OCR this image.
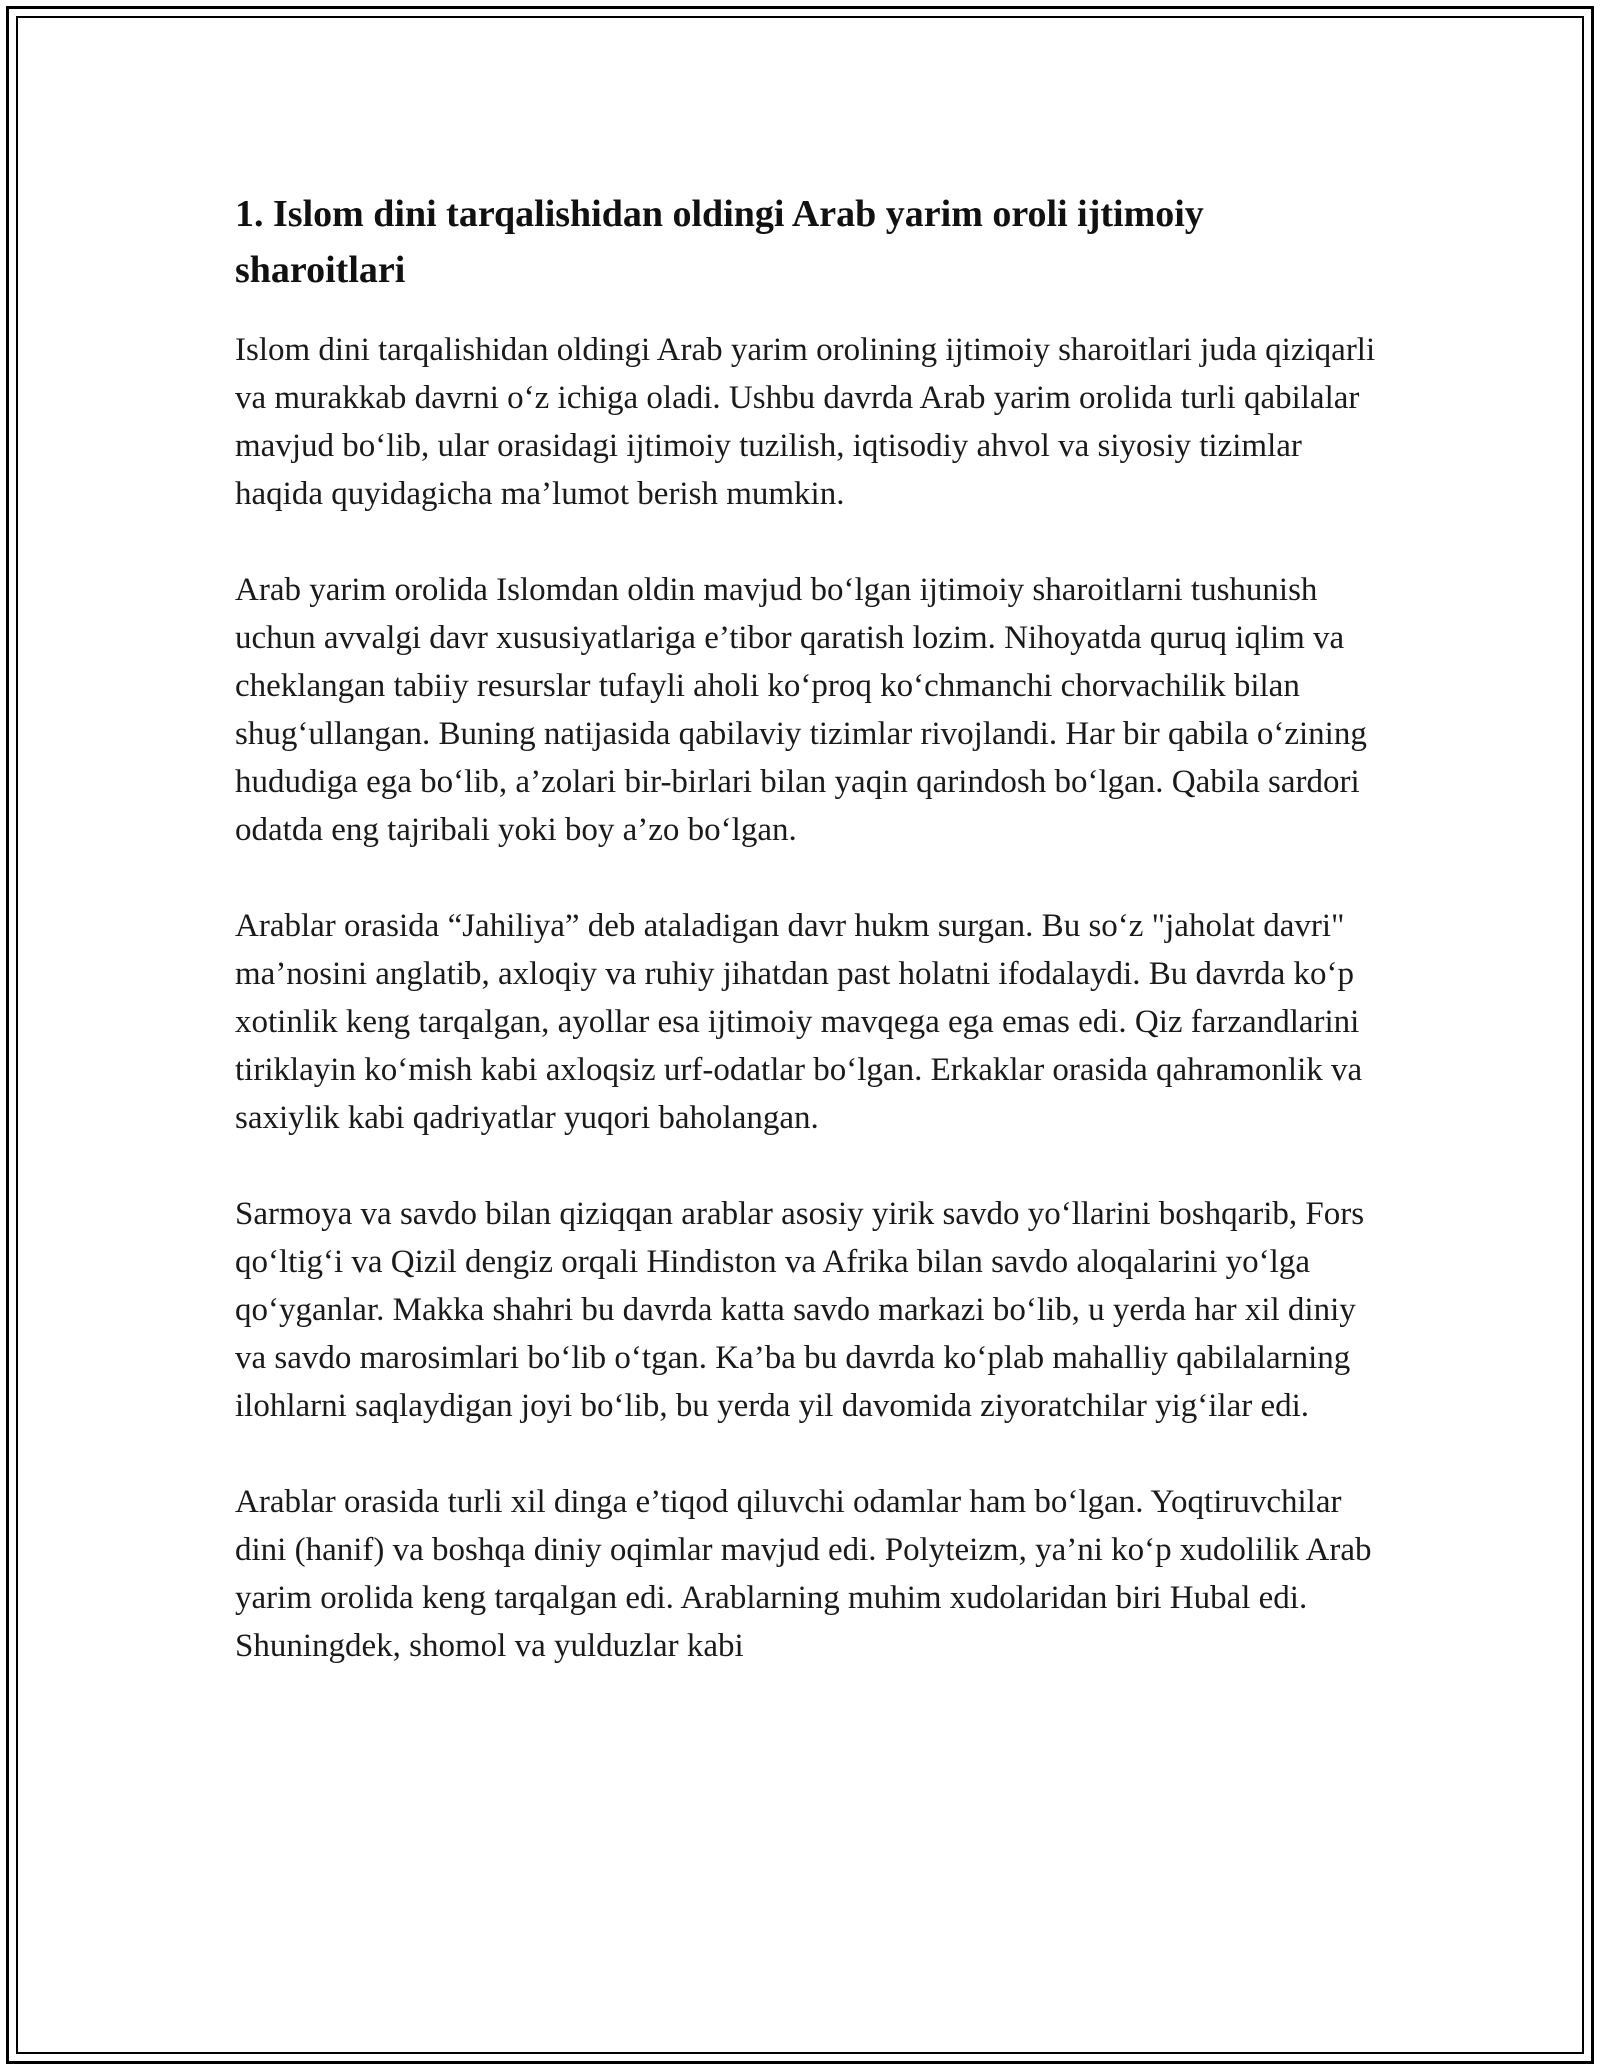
1. Islom dini tarqalishidan oldingi Arab yarim oroli ijtimoiy sharoitlari

Islom dini tarqalishidan oldingi Arab yarim orolining ijtimoiy sharoitlari juda qiziqarli va murakkab davrni o‘z ichiga oladi. Ushbu davrda Arab yarim orolida turli qabilalar mavjud bo‘lib, ular orasidagi ijtimoiy tuzilish, iqtisodiy ahvol va siyosiy tizimlar haqida quyidagicha ma’lumot berish mumkin.

Arab yarim orolida Islomdan oldin mavjud bo‘lgan ijtimoiy sharoitlarni tushunish uchun avvalgi davr xususiyatlariga e’tibor qaratish lozim. Nihoyatda quruq iqlim va cheklangan tabiiy resurslar tufayli aholi ko‘proq ko‘chmanchi chorvachilik bilan shug‘ullangan. Buning natijasida qabilaviy tizimlar rivojlandi. Har bir qabila o‘zining hududiga ega bo‘lib, a’zolari bir-birlari bilan yaqin qarindosh bo‘lgan. Qabila sardori odatda eng tajribali yoki boy a’zo bo‘lgan.

Arablar orasida “Jahiliya” deb ataladigan davr hukm surgan. Bu so‘z "jaholat davri" ma’nosini anglatib, axloqiy va ruhiy jihatdan past holatni ifodalaydi. Bu davrda ko‘p xotinlik keng tarqalgan, ayollar esa ijtimoiy mavqega ega emas edi. Qiz farzandlarini tiriklayin ko‘mish kabi axloqsiz urf-odatlar bo‘lgan. Erkaklar orasida qahramonlik va saxiylik kabi qadriyatlar yuqori baholangan.

Sarmoya va savdo bilan qiziqqan arablar asosiy yirik savdo yo‘llarini boshqarib, Fors qo‘ltig‘i va Qizil dengiz orqali Hindiston va Afrika bilan savdo aloqalarini yo‘lga qo‘yganlar. Makka shahri bu davrda katta savdo markazi bo‘lib, u yerda har xil diniy va savdo marosimlari bo‘lib o‘tgan. Ka’ba bu davrda ko‘plab mahalliy qabilalarning ilohlarni saqlaydigan joyi bo‘lib, bu yerda yil davomida ziyoratchilar yig‘ilar edi.

Arablar orasida turli xil dinga e’tiqod qiluvchi odamlar ham bo‘lgan. Yoqtiruvchilar dini (hanif) va boshqa diniy oqimlar mavjud edi. Polyteizm, ya’ni ko‘p xudolilik Arab yarim orolida keng tarqalgan edi. Arablarning muhim xudolaridan biri Hubal edi. Shuningdek, shomol va yulduzlar kabi
